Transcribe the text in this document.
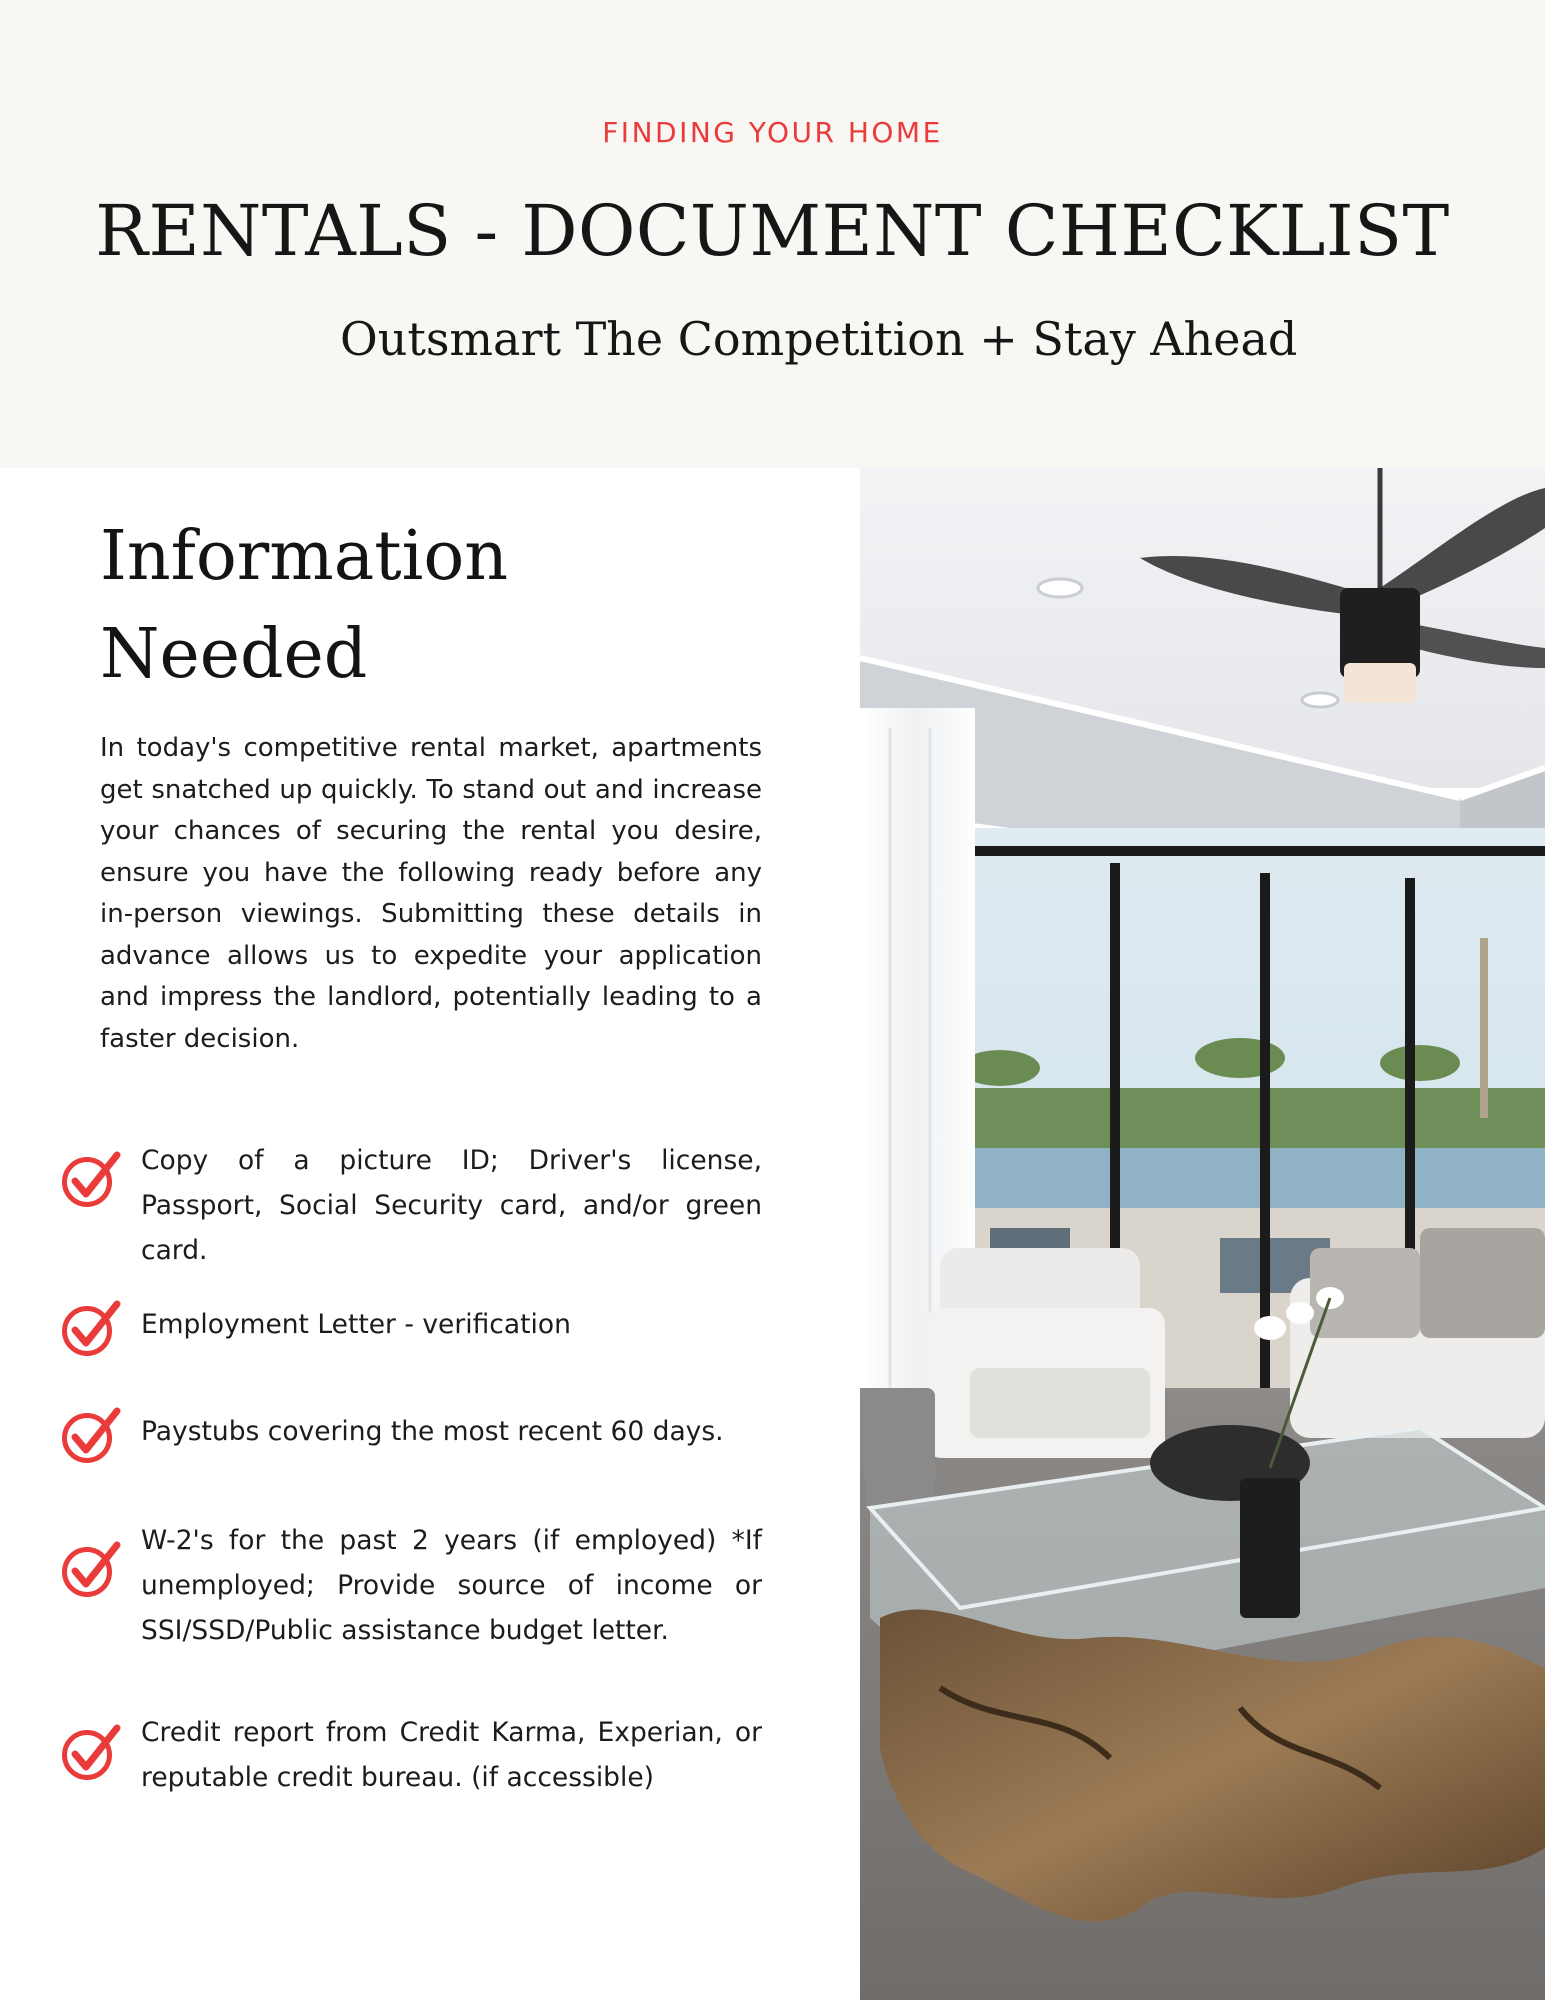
FINDING YOUR HOME
RENTALS - DOCUMENT CHECKLIST
Outsmart The Competition + Stay Ahead
Information
Needed
In today's competitive rental market, apartments get snatched up quickly. To stand out and increase your chances of securing the rental you desire, ensure you have the following ready before any in-person viewings. Submitting these details in advance allows us to expedite your application and impress the landlord, potentially leading to a faster decision.
Copy of a picture ID; Driver's license, Passport, Social Security card, and/or green card.
Employment Letter - verification
Paystubs covering the most recent 60 days.
W-2's for the past 2 years (if employed) *If unemployed; Provide source of income or SSI/SSD/Public assistance budget letter.
Credit report from Credit Karma, Experian, or reputable credit bureau. (if accessible)
